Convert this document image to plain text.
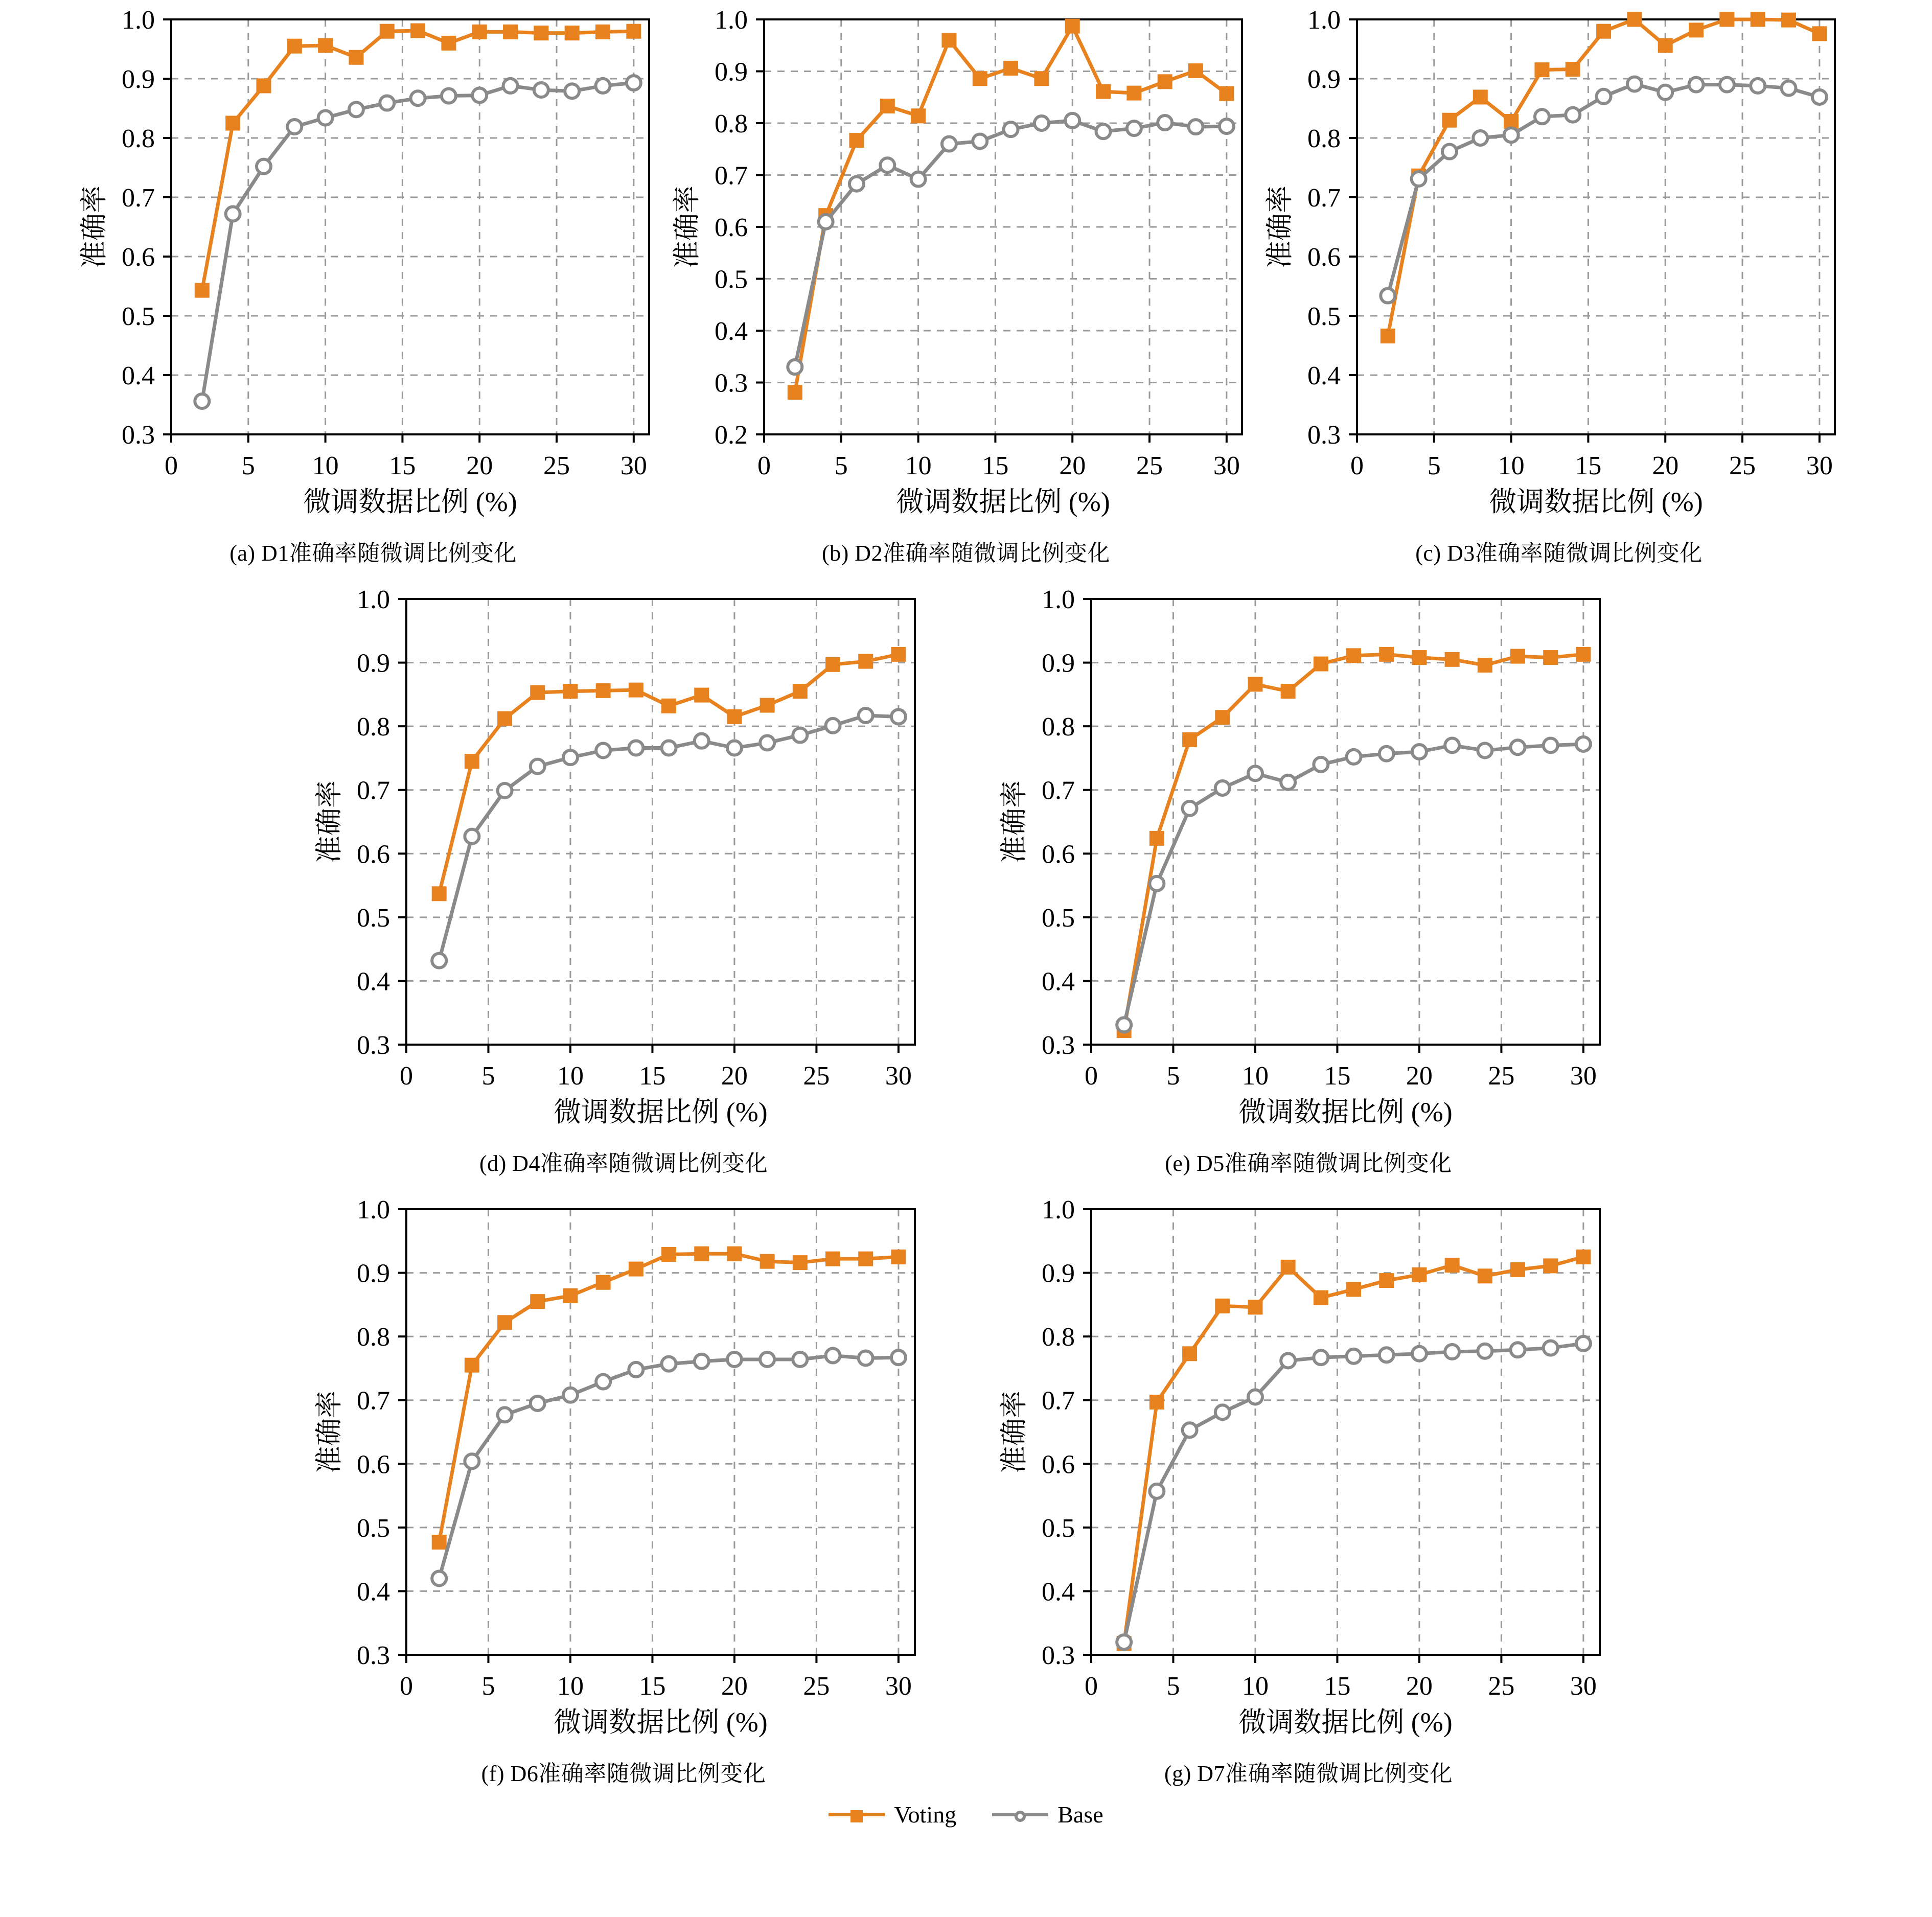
0 5 10 15 20 25 30
0.3
0.4
0.5
0.6
0.7
0.8
0.9
1.0
微调数据比例 (%)
准确率
(a) D1准确率随微调比例变化
0 5 10 15 20 25 30
0.2
0.3
0.4
0.5
0.6
0.7
0.8
0.9
1.0
微调数据比例 (%)
准确率
(b) D2准确率随微调比例变化
0 5 10 15 20 25 30
0.3
0.4
0.5
0.6
0.7
0.8
0.9
1.0
微调数据比例 (%)
准确率
(c) D3准确率随微调比例变化
0	5 10 15 20 25 30
0.3
0.4
0.5
0.6
0.7
0.8
0.9
1.0
微调数据比例 (%)
准确率
(d) D4准确率随微调比例变化
0	5 10 15 20 25 30
0.3
0.4
0.5
0.6
0.7
0.8
0.9
1.0
微调数据比例 (%)
准确率
(e) D5准确率随微调比例变化
0	5 10 15 20 25 30
0.3
0.4
0.5
0.6
0.7
0.8
0.9
1.0
微调数据比例 (%)
准确率
(f) D6准确率随微调比例变化
0	5 10 15 20 25 30
0.3
0.4
0.5
0.6
0.7
0.8
0.9
1.0
微调数据比例 (%)
准确率
(g) D7准确率随微调比例变化
Voting	Base
